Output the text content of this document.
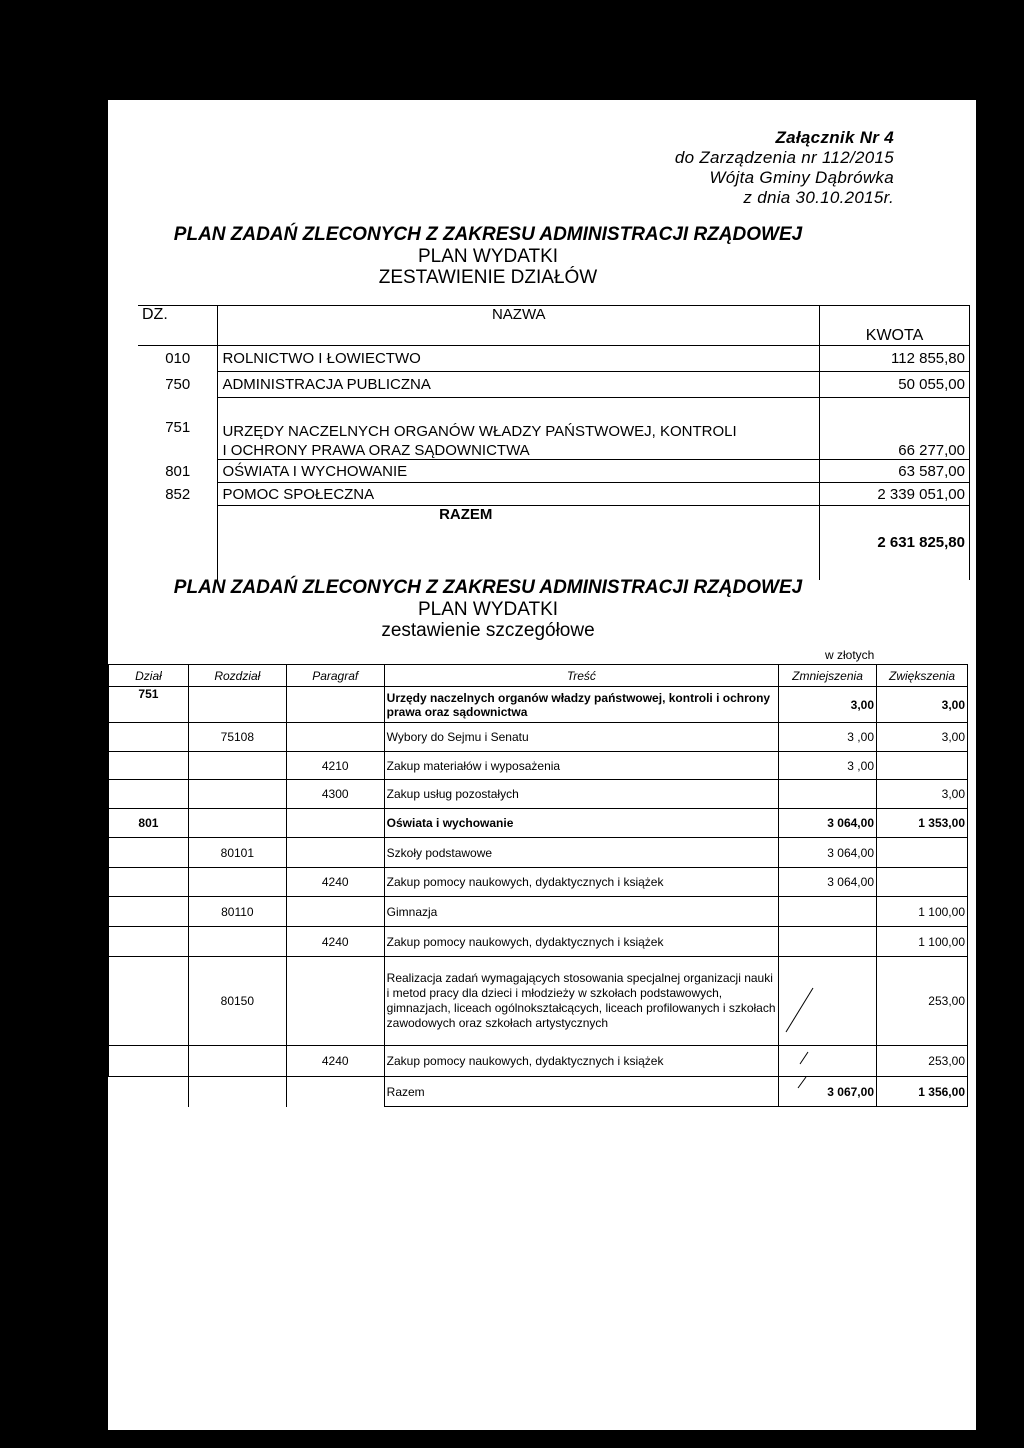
Załącznik Nr 4
do Zarządzenia nr 112/2015
Wójta Gminy Dąbrówka
z dnia 30.10.2015r.
PLAN ZADAŃ ZLECONYCH Z ZAKRESU ADMINISTRACJI RZĄDOWEJ
PLAN WYDATKI
ZESTAWIENIE DZIAŁÓW
DZ.	NAZWA	KWOTA
010	ROLNICTWO I ŁOWIECTWO	112 855,80
750	ADMINISTRACJA PUBLICZNA	50 055,00
751	URZĘDY NACZELNYCH ORGANÓW WŁADZY PAŃSTWOWEJ, KONTROLI
I OCHRONY PRAWA ORAZ SĄDOWNICTWA	66 277,00
801	OŚWIATA I WYCHOWANIE	63 587,00
852	POMOC SPOŁECZNA	2 339 051,00
	RAZEM	2 631 825,80
PLAN ZADAŃ ZLECONYCH Z ZAKRESU ADMINISTRACJI RZĄDOWEJ
PLAN WYDATKI
zestawienie szczegółowe
w złotych
Dział	Rozdział	Paragraf	Treść	Zmniejszenia	Zwiększenia
751			Urzędy naczelnych organów władzy państwowej, kontroli i ochrony prawa oraz sądownictwa	3,00	3,00
	75108		Wybory do Sejmu i Senatu	3 ,00	3,00
		4210	Zakup materiałów i wyposażenia	3 ,00	
		4300	Zakup usług pozostałych		3,00
801			Oświata i wychowanie	3 064,00	1 353,00
	80101		Szkoły podstawowe	3 064,00	
		4240	Zakup pomocy naukowych, dydaktycznych i książek	3 064,00	
	80110		Gimnazja		1 100,00
		4240	Zakup pomocy naukowych, dydaktycznych i książek		1 100,00
	80150		Realizacja zadań wymagających stosowania specjalnej organizacji nauki i metod pracy dla dzieci i młodzieży w szkołach podstawowych, gimnazjach, liceach ogólnokształcących, liceach profilowanych i szkołach zawodowych oraz szkołach artystycznych		253,00
		4240	Zakup pomocy naukowych, dydaktycznych i książek		253,00
			Razem	3 067,00	1 356,00
